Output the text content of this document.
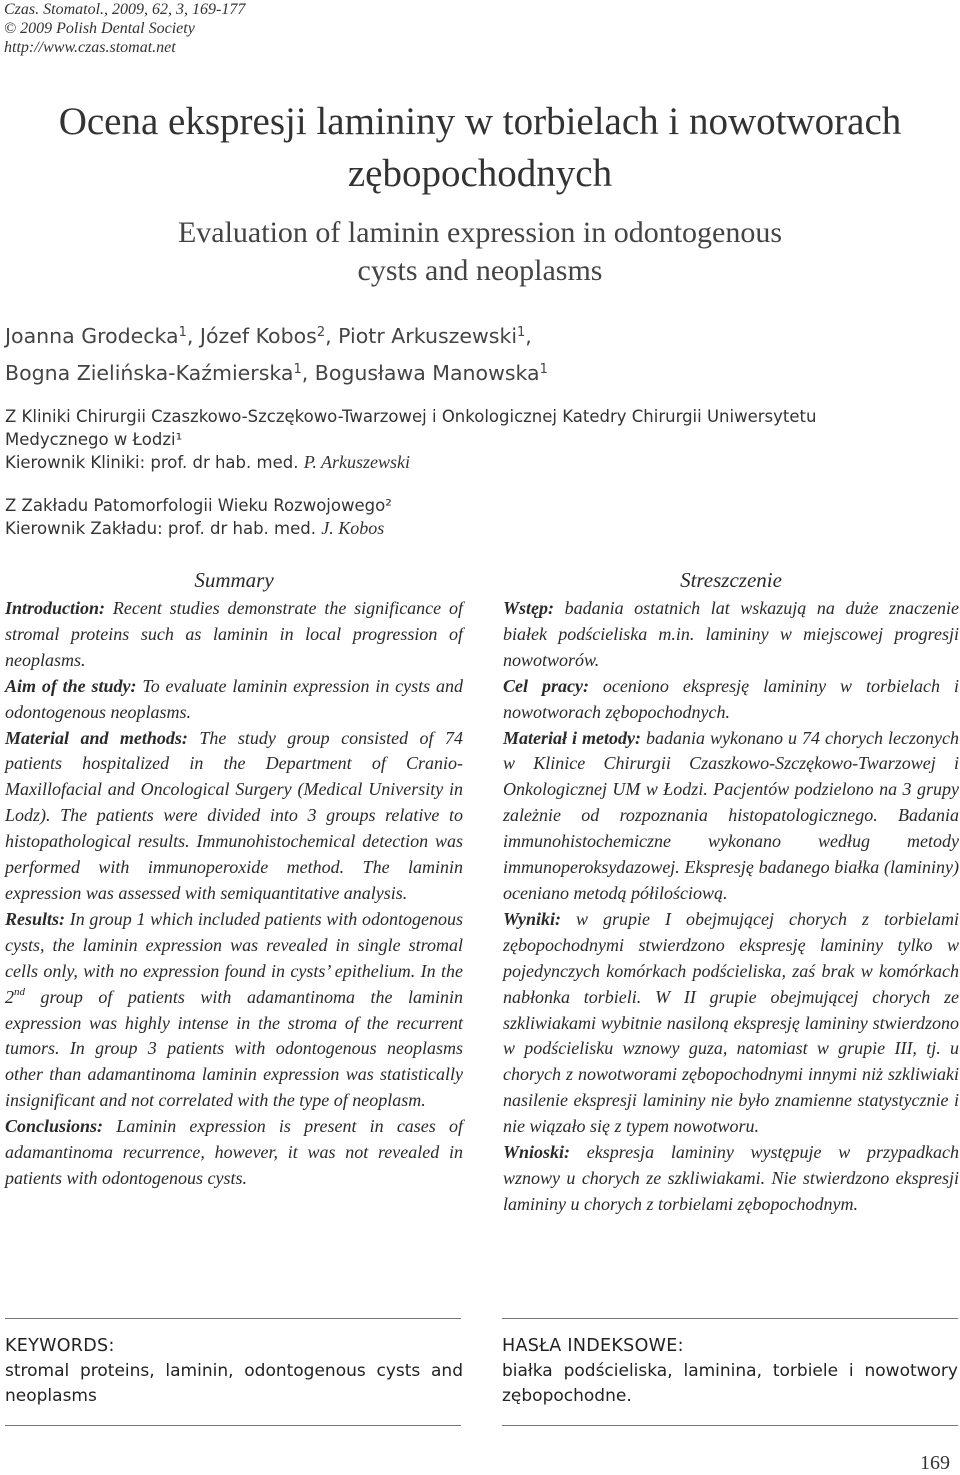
Czas. Stomatol., 2009, 62, 3, 169-177
© 2009 Polish Dental Society
http://www.czas.stomat.net
Ocena ekspresji lamininy w torbielach i nowotworach
zębopochodnych
Evaluation of laminin expression in odontogenous
cysts and neoplasms
Joanna Grodecka$^1$, Józef Kobos$^2$, Piotr Arkuszewski$^1$,
Bogna Zielińska-Kaźmierska$^1$, Bogusława Manowska$^1$
Z Kliniki Chirurgii Czaszkowo-Szczękowo-Twarzowej i Onkologicznej Katedry Chirurgii Uniwersytetu
Medycznego w Łodzi¹
Kierownik Kliniki: prof. dr hab. med. P. Arkuszewski
Z Zakładu Patomorfologii Wieku Rozwojowego²
Kierownik Zakładu: prof. dr hab. med. J. Kobos
Summary

Introduction: Recent studies demonstrate the significance of stromal proteins such as laminin in local progression of neoplasms.

Aim of the study: To evaluate laminin expression in cysts and odontogenous neoplasms.

Material and methods: The study group consisted of 74 patients hospitalized in the Department of Cranio-Maxillofacial and Oncological Surgery (Medical University in Lodz). The patients were divided into 3 groups relative to histopathological results. Immunohistochemical detection was performed with immunoperoxide method. The laminin expression was assessed with semiquantitative analysis.

Results: In group 1 which included patients with odontogenous cysts, the laminin expression was revealed in single stromal cells only, with no expression found in cysts’ epithelium. In the 2nd group of patients with adamantinoma the laminin expression was highly intense in the stroma of the recurrent tumors. In group 3 patients with odontogenous neoplasms other than adamantinoma laminin expression was statistically insignificant and not correlated with the type of neoplasm.

Conclusions: Laminin expression is present in cases of adamantinoma recurrence, however, it was not revealed in patients with odontogenous cysts.

Streszczenie

Wstęp: badania ostatnich lat wskazują na duże znaczenie białek podścieliska m.in. lamininy w miejscowej progresji nowotworów.

Cel pracy: oceniono ekspresję lamininy w torbielach i nowotworach zębopochodnych.

Materiał i metody: badania wykonano u 74 chorych leczonych w Klinice Chirurgii Czaszkowo-Szczękowo-Twarzowej i Onkologicznej UM w Łodzi. Pacjentów podzielono na 3 grupy zależnie od rozpoznania histopatologicznego. Badania immunohistochemiczne wykonano według metody immunoperoksydazowej. Ekspresję badanego białka (lamininy) oceniano metodą półilościową.

Wyniki: w grupie I obejmującej chorych z torbielami zębopochodnymi stwierdzono ekspresję lamininy tylko w pojedynczych komórkach podścieliska, zaś brak w komórkach nabłonka torbieli. W II grupie obejmującej chorych ze szkliwiakami wybitnie nasiloną ekspresję lamininy stwierdzono w podścielisku wznowy guza, natomiast w grupie III, tj. u chorych z nowotworami zębopochodnymi innymi niż szkliwiaki nasilenie ekspresji lamininy nie było znamienne statystycznie i nie wiązało się z typem nowotworu.

Wnioski: ekspresja lamininy występuje w przypadkach wznowy u chorych ze szkliwiakami. Nie stwierdzono ekspresji lamininy u chorych z torbielami zębopochodnym.

KEYWORDS:
stromal proteins, laminin, odontogenous cysts and neoplasms
HASŁA INDEKSOWE:
białka podścieliska, laminina, torbiele i nowotwory zębopochodne.
169
